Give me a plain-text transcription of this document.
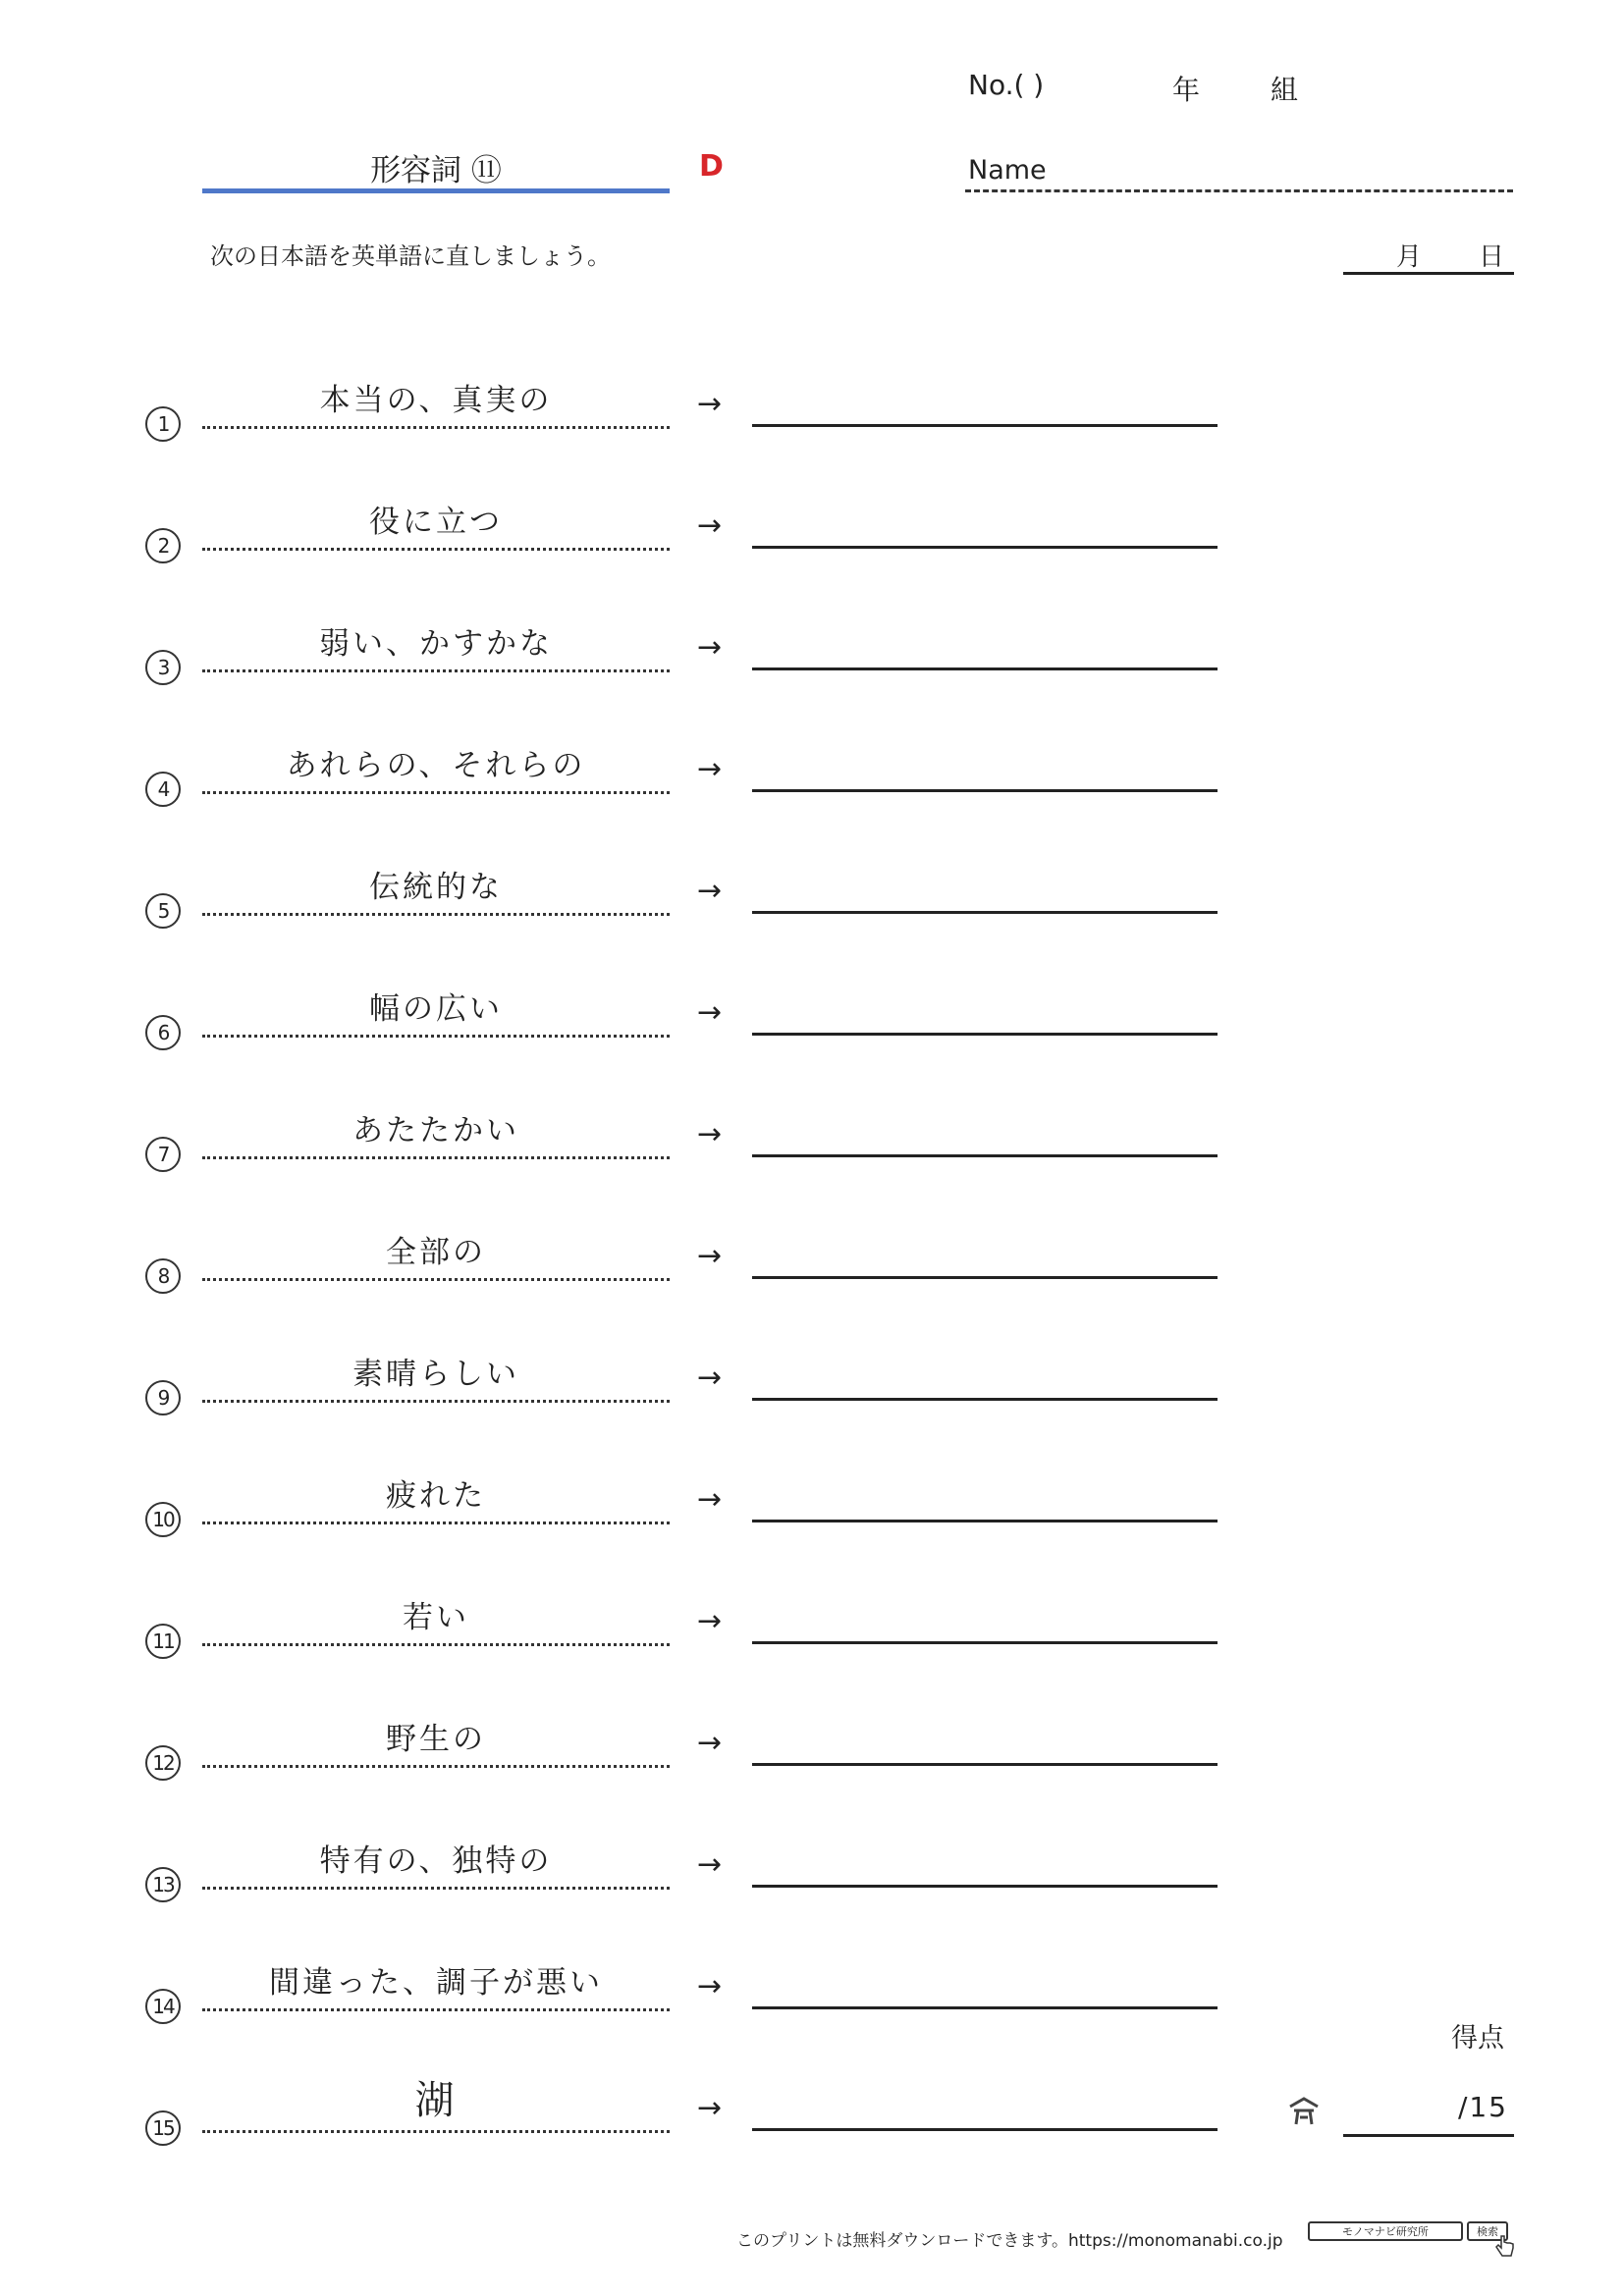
No.( )	年	組
形容詞 ⑪	D	Name
次の日本語を英単語に直しましょう。	月 日
1
本当の、真実の	→
2
役に立つ	→
3
弱い、かすかな	→
4
あれらの、それらの	→
5
伝統的な	→
6
幅の広い	→
7
あたたかい	→
8
全部の	→
9
素晴らしい	→
10
疲れた	→
11
若い	→
12
野生の	→
13
特有の、独特の	→
14
間違った、調子が悪い	→
15
湖	→
得点
/15
このプリントは無料ダウンロードできます。https://monomanabi.co.jp	モノマナビ研究所	検索
